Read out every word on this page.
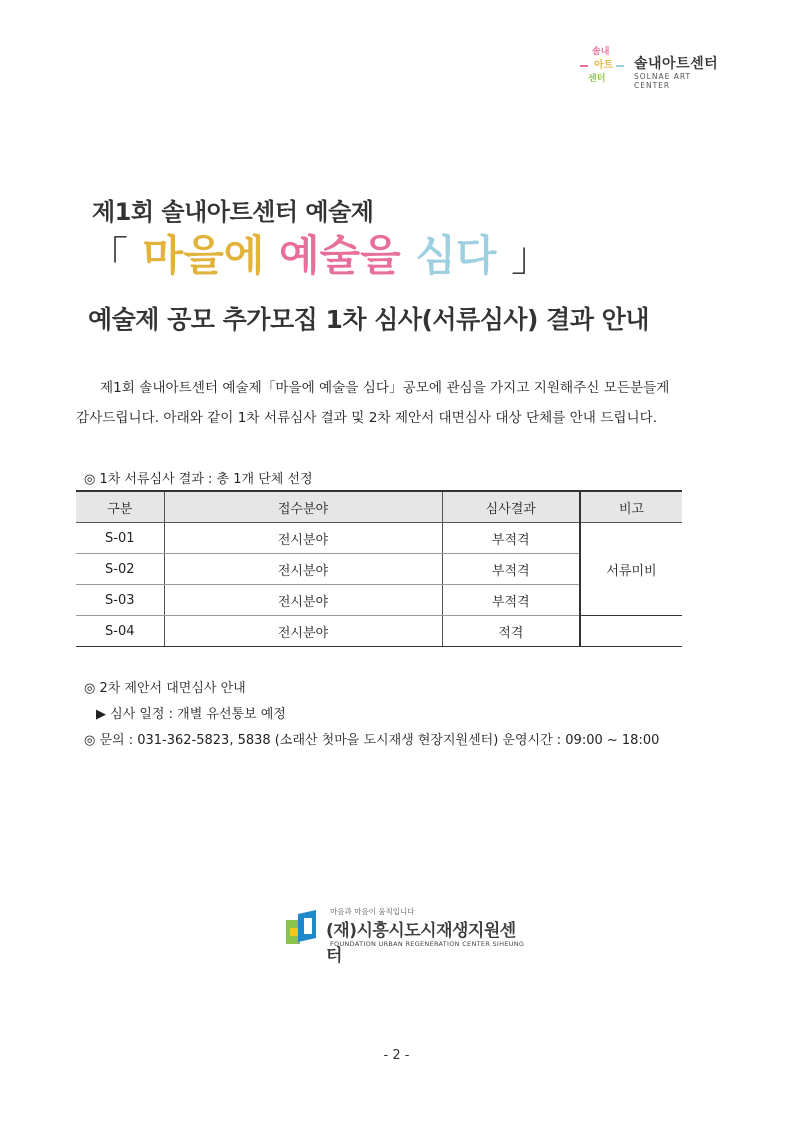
솔내
아트
센터
솔내아트센터
SOLNAE ART CENTER
제1회 솔내아트센터 예술제
「 마을에 예술을 심다 」
예술제 공모 추가모집 1차 심사(서류심사) 결과 안내
제1회 솔내아트센터 예술제「마을에 예술을 심다」공모에 관심을 가지고 지원해주신 모든분들게
감사드립니다. 아래와 같이 1차 서류심사 결과 및 2차 제안서 대면심사 대상 단체를 안내 드립니다.
◎ 1차 서류심사 결과 : 총 1개 단체 선정
구분	접수분야	심사결과	비고
S-01	전시분야	부적격	서류미비
S-02	전시분야	부적격	
S-03	전시분야	부적격	
S-04	전시분야	적격	
◎ 2차 제안서 대면심사 안내
▶ 심사 일정 : 개별 유선통보 예정
◎ 문의 : 031-362-5823, 5838 (소래산 첫마을 도시재생 현장지원센터) 운영시간 : 09:00 ~ 18:00
마음과 마음이 움직입니다
(재)시흥시도시재생지원센터
FOUNDATION URBAN REGENERATION CENTER SIHEUNG
- 2 -
